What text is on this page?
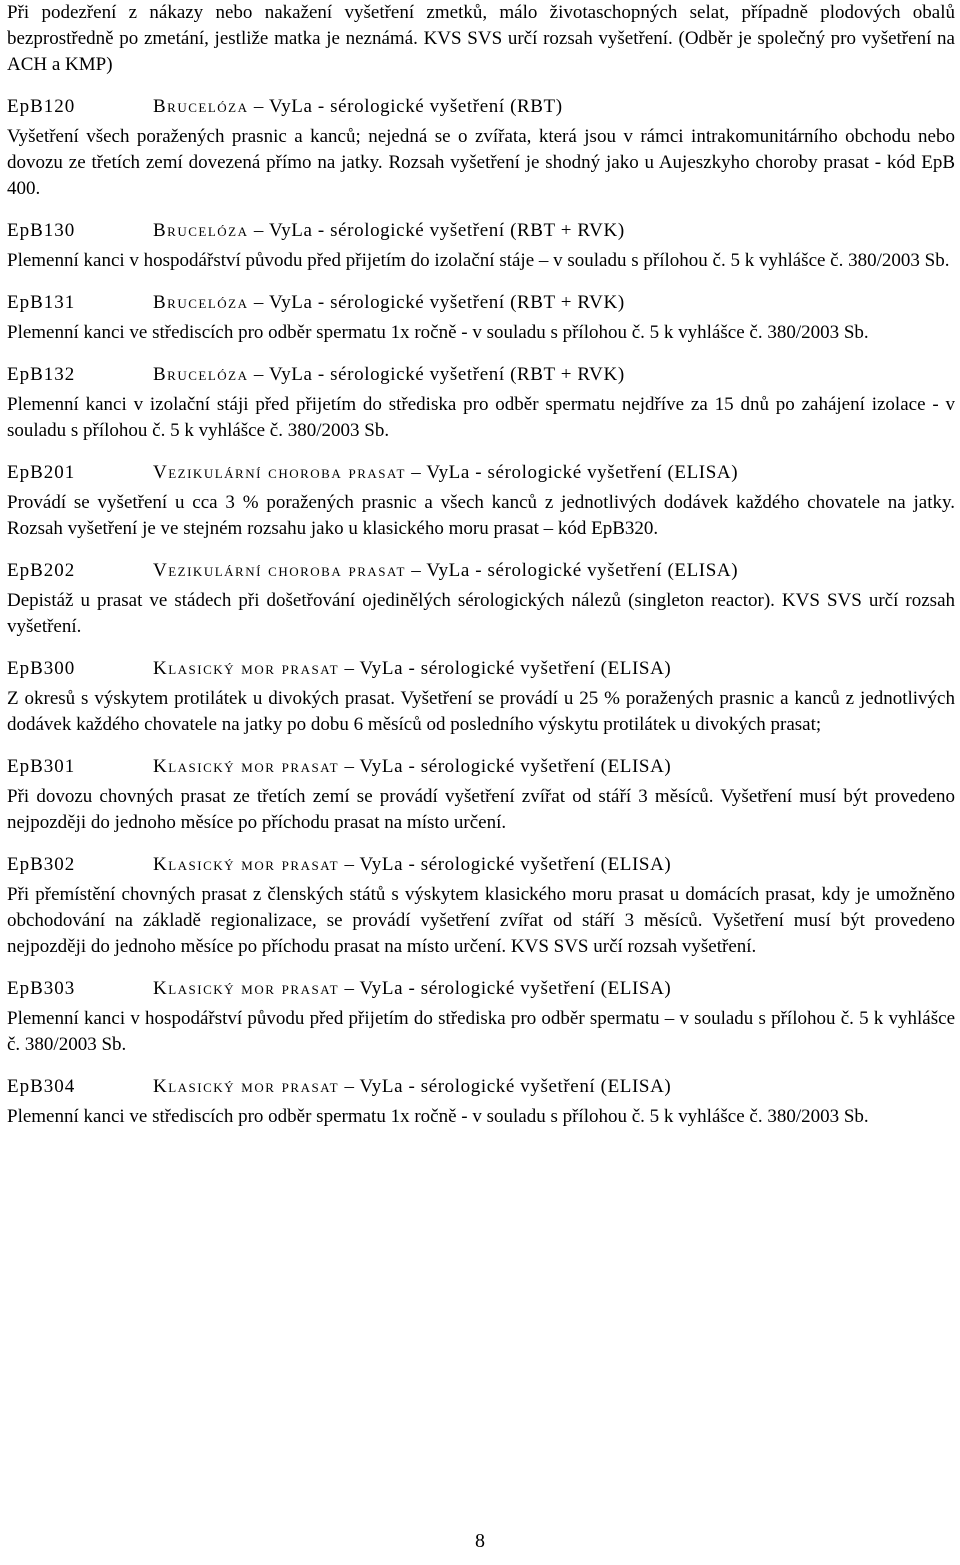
Při podezření z nákazy nebo nakažení vyšetření zmetků, málo životaschopných selat, případně plodových obalů bezprostředně po zmetání, jestliže matka je neznámá. KVS SVS určí rozsah vyšetření. (Odběr je společný pro vyšetření na ACH a KMP)

EpB120	Brucelóza – VyLa - sérologické vyšetření (RBT)

Vyšetření všech poražených prasnic a kanců; nejedná se o zvířata, která jsou v rámci intrakomunitárního obchodu nebo dovozu ze třetích zemí dovezená přímo na jatky. Rozsah vyšetření je shodný jako u Aujeszkyho choroby prasat - kód EpB 400.

EpB130	Brucelóza – VyLa - sérologické vyšetření (RBT + RVK)

Plemenní kanci v hospodářství původu před přijetím do izolační stáje – v souladu s přílohou č. 5 k vyhlášce č. 380/2003 Sb.

EpB131	Brucelóza – VyLa - sérologické vyšetření (RBT + RVK)

Plemenní kanci ve střediscích pro odběr spermatu 1x ročně - v souladu s přílohou č. 5 k vyhlášce č. 380/2003 Sb.

EpB132	Brucelóza – VyLa - sérologické vyšetření (RBT + RVK)

Plemenní kanci v izolační stáji před přijetím do střediska pro odběr spermatu nejdříve za 15 dnů po zahájení izolace - v souladu s přílohou č. 5 k vyhlášce č. 380/2003 Sb.

EpB201	Vezikulární choroba prasat – VyLa - sérologické vyšetření (ELISA)

Provádí se vyšetření u cca 3 % poražených prasnic a všech kanců z jednotlivých dodávek každého chovatele na jatky. Rozsah vyšetření je ve stejném rozsahu jako u klasického moru prasat – kód EpB320.

EpB202	Vezikulární choroba prasat – VyLa - sérologické vyšetření (ELISA)

Depistáž u prasat ve stádech při došetřování ojedinělých sérologických nálezů (singleton reactor). KVS SVS určí rozsah vyšetření.

EpB300	Klasický mor prasat – VyLa - sérologické vyšetření (ELISA)

Z okresů s výskytem protilátek u divokých prasat. Vyšetření se provádí u 25 % poražených prasnic a kanců z jednotlivých dodávek každého chovatele na jatky po dobu 6 měsíců od posledního výskytu protilátek u divokých prasat;

EpB301	Klasický mor prasat – VyLa - sérologické vyšetření (ELISA)

Při dovozu chovných prasat ze třetích zemí se provádí vyšetření zvířat od stáří 3 měsíců. Vyšetření musí být provedeno nejpozději do jednoho měsíce po příchodu prasat na místo určení.

EpB302	Klasický mor prasat – VyLa - sérologické vyšetření (ELISA)

Při přemístění chovných prasat z členských států s výskytem klasického moru prasat u domácích prasat, kdy je umožněno obchodování na základě regionalizace, se provádí vyšetření zvířat od stáří 3 měsíců. Vyšetření musí být provedeno nejpozději do jednoho měsíce po příchodu prasat na místo určení. KVS SVS určí rozsah vyšetření.

EpB303	Klasický mor prasat – VyLa - sérologické vyšetření (ELISA)

Plemenní kanci v hospodářství původu před přijetím do střediska pro odběr spermatu – v souladu s přílohou č. 5 k vyhlášce č. 380/2003 Sb.

EpB304	Klasický mor prasat – VyLa - sérologické vyšetření (ELISA)

Plemenní kanci ve střediscích pro odběr spermatu 1x ročně - v souladu s přílohou č. 5 k vyhlášce č. 380/2003 Sb.

8
